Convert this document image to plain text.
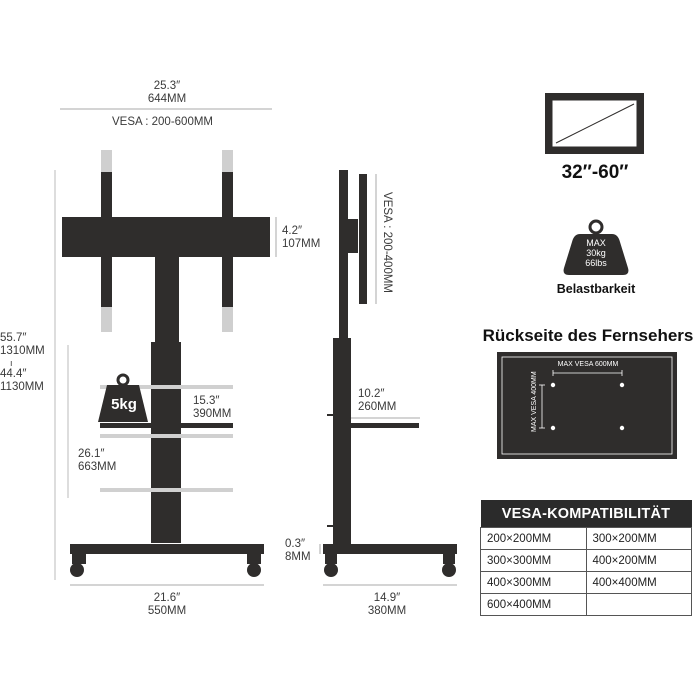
25.3″
644MM
VESA : 200-600MM
4.2″
107MM
55.7″
1310MM
ı
44.4″
1130MM
5kg	15.3″
390MM
26.1″
663MM
21.6″
550MM
VESA : 200-400MM
10.2″
260MM
0.3″
8MM
14.9″
380MM
32″-60″
MAX
30kg
66lbs
Belastbarkeit
Rückseite des Fernsehers
MAX VESA 600MM
MAX VESA 400MM
VESA-KOMPATIBILITÄT	
200×200MM	300×200MM
300×300MM	400×200MM
400×300MM	400×400MM
600×400MM	
